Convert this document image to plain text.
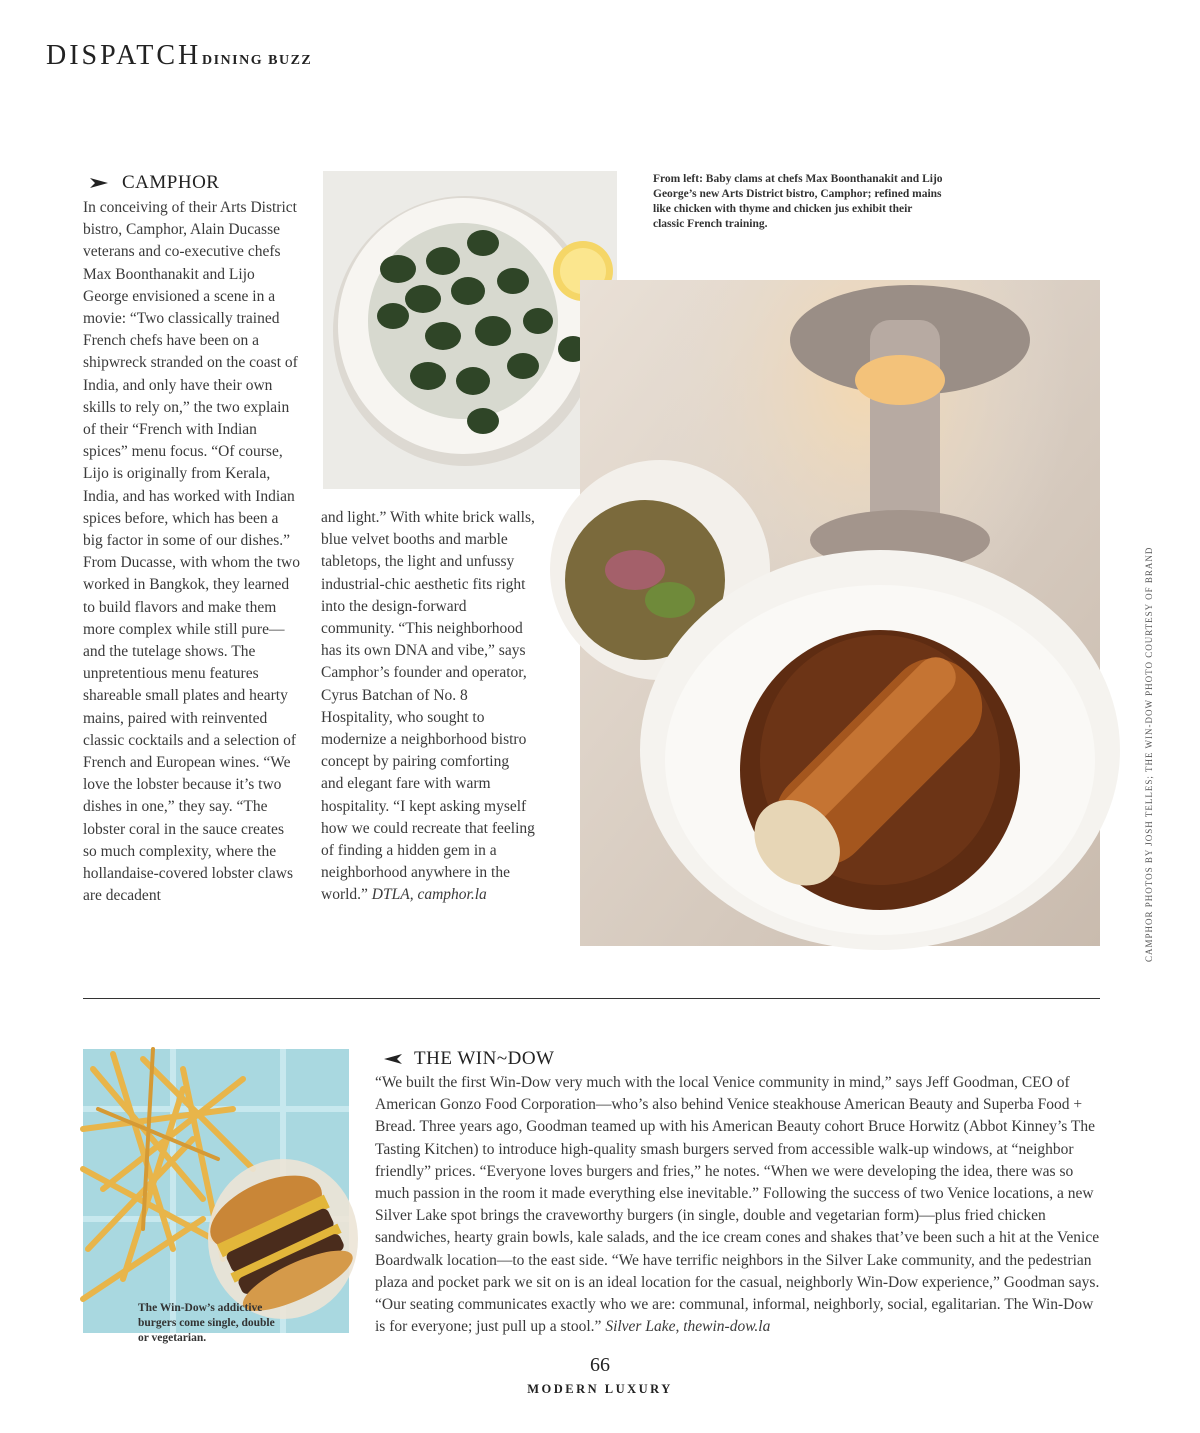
DISPATCH DINING BUZZ
CAMPHOR

In conceiving of their Arts District bistro, Camphor, Alain Ducasse veterans and co-executive chefs Max Boonthanakit and Lijo George envisioned a scene in a movie: “Two classically trained French chefs have been on a shipwreck stranded on the coast of India, and only have their own skills to rely on,” the two explain of their “French with Indian spices” menu focus. “Of course, Lijo is originally from Kerala, India, and has worked with Indian spices before, which has been a big factor in some of our dishes.” From Ducasse, with whom the two worked in Bangkok, they learned to build flavors and make them more complex while still pure—and the tutelage shows. The unpretentious menu features shareable small plates and hearty mains, paired with reinvented classic cocktails and a selection of French and European wines. “We love the lobster because it’s two dishes in one,” they say. “The lobster coral in the sauce creates so much complexity, where the hollandaise-covered lobster claws are decadent

and light.” With white brick walls, blue velvet booths and marble tabletops, the light and unfussy industrial-chic aesthetic fits right into the design-forward community. “This neighborhood has its own DNA and vibe,” says Camphor’s founder and operator, Cyrus Batchan of No. 8 Hospitality, who sought to modernize a neighborhood bistro concept by pairing comforting and elegant fare with warm hospitality. “I kept asking myself how we could recreate that feeling of finding a hidden gem in a neighborhood anywhere in the world.” DTLA, camphor.la

From left: Baby clams at chefs Max Boonthanakit and Lijo George’s new Arts District bistro, Camphor; refined mains like chicken with thyme and chicken jus exhibit their classic French training.
The Win-Dow’s addictive burgers come single, double or vegetarian.
THE WIN~DOW

“We built the first Win-Dow very much with the local Venice community in mind,” says Jeff Goodman, CEO of American Gonzo Food Corporation—who’s also behind Venice steakhouse American Beauty and Superba Food + Bread. Three years ago, Goodman teamed up with his American Beauty cohort Bruce Horwitz (Abbot Kinney’s The Tasting Kitchen) to introduce high-quality smash burgers served from accessible walk-up windows, at “neighbor friendly” prices. “Everyone loves burgers and fries,” he notes. “When we were developing the idea, there was so much passion in the room it made everything else inevitable.” Following the success of two Venice locations, a new Silver Lake spot brings the craveworthy burgers (in single, double and vegetarian form)—plus fried chicken sandwiches, hearty grain bowls, kale salads, and the ice cream cones and shakes that’ve been such a hit at the Venice Boardwalk location—to the east side. “We have terrific neighbors in the Silver Lake community, and the pedestrian plaza and pocket park we sit on is an ideal location for the casual, neighborly Win-Dow experience,” Goodman says. “Our seating communicates exactly who we are: communal, informal, neighborly, social, egalitarian. The Win-Dow is for everyone; just pull up a stool.” Silver Lake, thewin-dow.la

CAMPHOR PHOTOS BY JOSH TELLES; THE WIN-DOW PHOTO COURTESY OF BRAND
66
MODERN LUXURY
